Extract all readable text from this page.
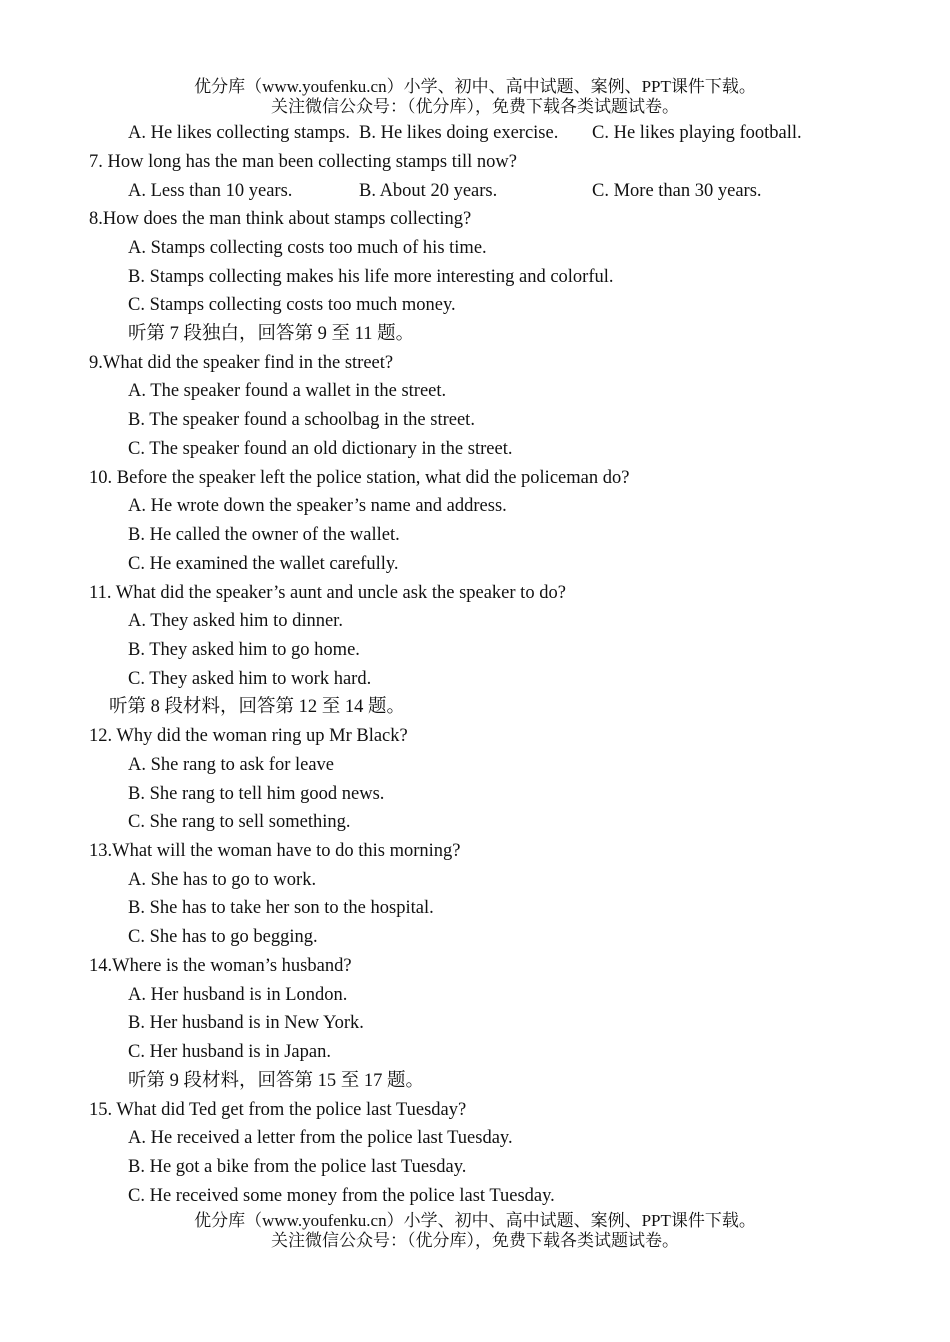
优分库（www.youfenku.cn）小学、初中、高中试题、案例、PPT课件下载。
关注微信公众号：（优分库），免费下载各类试题试卷。
A. He likes collecting stamps. B. He likes doing exercise. C. He likes playing football.
7. How long has the man been collecting stamps till now?
A. Less than 10 years.	B. About 20 years.	C. More than 30 years.
8.How does the man think about stamps collecting?
A. Stamps collecting costs too much of his time.
B. Stamps collecting makes his life more interesting and colorful.
C. Stamps collecting costs too much money.
听第 7 段独白，回答第 9 至 11 题。
9.What did the speaker find in the street?
A. The speaker found a wallet in the street.
B. The speaker found a schoolbag in the street.
C. The speaker found an old dictionary in the street.
10. Before the speaker left the police station, what did the policeman do?
A. He wrote down the speaker’s name and address.
B. He called the owner of the wallet.
C. He examined the wallet carefully.
11. What did the speaker’s aunt and uncle ask the speaker to do?
A. They asked him to dinner.
B. They asked him to go home.
C. They asked him to work hard.
听第 8 段材料，回答第 12 至 14 题。
12. Why did the woman ring up Mr Black?
A. She rang to ask for leave
B. She rang to tell him good news.
C. She rang to sell something.
13.What will the woman have to do this morning?
A. She has to go to work.
B. She has to take her son to the hospital.
C. She has to go begging.
14.Where is the woman’s husband?
A. Her husband is in London.
B. Her husband is in New York.
C. Her husband is in Japan.
听第 9 段材料，回答第 15 至 17 题。
15. What did Ted get from the police last Tuesday?
A. He received a letter from the police last Tuesday.
B. He got a bike from the police last Tuesday.
C. He received some money from the police last Tuesday.
优分库（www.youfenku.cn）小学、初中、高中试题、案例、PPT课件下载。
关注微信公众号：（优分库），免费下载各类试题试卷。
